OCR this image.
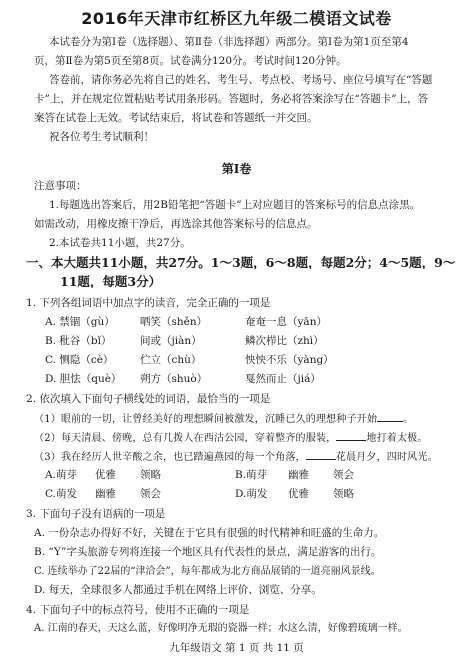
2016年天津市红桥区九年级二模语文试卷
本试卷分为第Ⅰ卷（选择题）、第Ⅱ卷（非选择题）两部分。第Ⅰ卷为第1页至第4
页，第Ⅱ卷为第5页至第8页。试卷满分120分。考试时间120分钟。
答卷前，请你务必先将自己的姓名、考生号、考点校、考场号、座位号填写在“答题
卡”上，并在规定位置粘贴考试用条形码。答题时，务必将答案涂写在“答题卡”上，答
案答在试卷上无效。考试结束后，将试卷和答题纸一并交回。
祝各位考生考试顺利！
第Ⅰ卷
注意事项：
1.每题选出答案后，用2B铅笔把“答题卡”上对应题目的答案标号的信息点涂黑。
如需改动，用橡皮擦干净后，再选涂其他答案标号的信息点。
2.本试卷共11小题，共27分。
一、本大题共11小题，共27分。1～3题，6～8题，每题2分；4～5题，9～
11题，每题3分）
1. 下列各组词语中加点字的读音，完全正确的一项是
A. 禁锢（gù） 哂笑（shěn）	奄奄一息（yān）
B. 秕谷（bǐ）	间或（jiàn）	鳞次栉比（zhì）
C. 恻隐（cè）	伫立（chù）	怏怏不乐（yàng）
D. 胆怯（què） 朔方（shuò）	戛然而止（jiá）
2. 依次填入下面句子横线处的词语，最恰当的一项是
（1）眼前的一切，让曾经美好的理想瞬间被激发，沉睡已久的理想种子开始	。
（2）每天清晨、傍晚，总有几拨人在西沽公园，穿着整齐的服装，	地打着太极。
（3）我在经历人世辛酸之余，也已踏遍燕园的每一个角落，	花晨月夕，四时风光。
A.萌芽 优雅 领略	B.萌芽 幽雅 领会
C.萌发 幽雅 领会	D.萌发 优雅 领略
3. 下面句子没有语病的一项是
A. 一份杂志办得好不好，关键在于它具有很强的时代精神和旺盛的生命力。
B. “Y”字头旅游专列将连接一个地区具有代表性的景点，满足游客的出行。
C. 连续举办了22届的“津洽会”，每年都成为北方商品展销的一道亮丽风景线。
D. 每天，全球很多人都通过手机在网络上评价、浏览、分享。
4. 下面句子中的标点符号，使用不正确的一项是
A. 江南的春天，天这么蓝，好像明净无瑕的瓷器一样；水这么清，好像碧琉璃一样。
九年级语文 第 1 页 共 11 页
